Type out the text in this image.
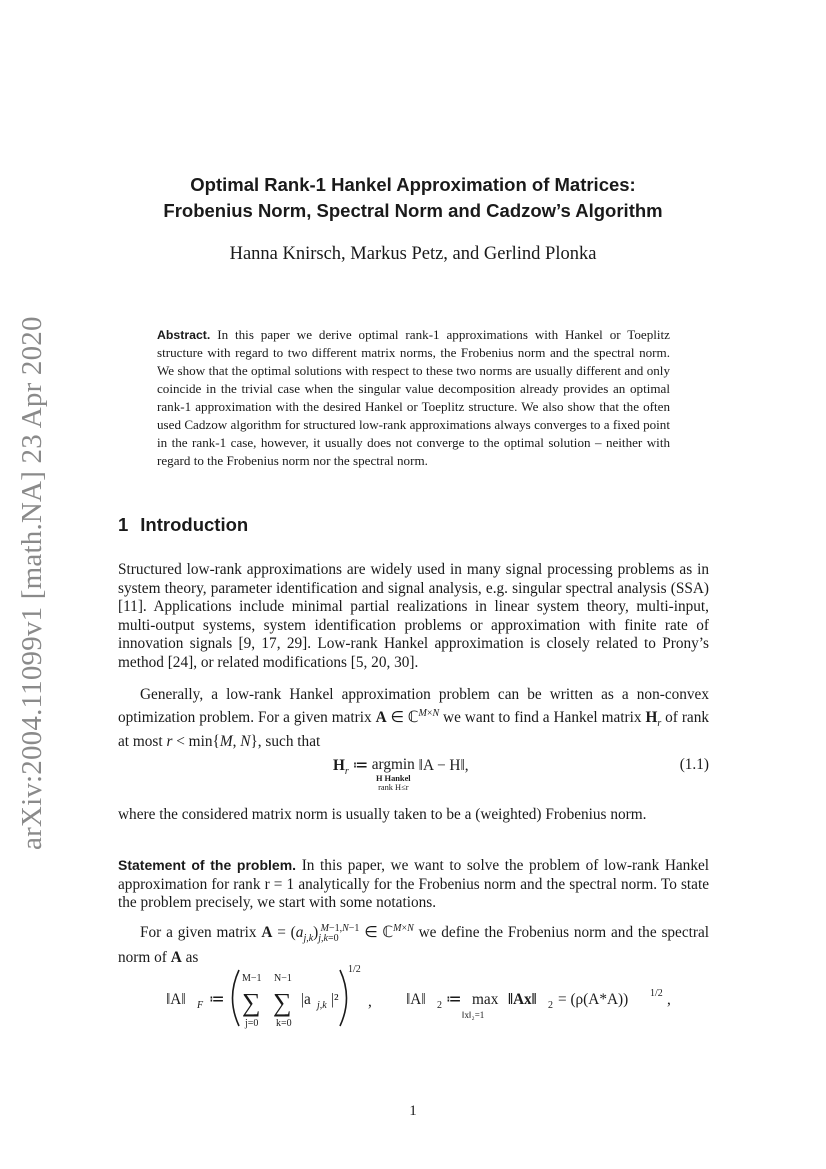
arXiv:2004.11099v1 [math.NA] 23 Apr 2020
Optimal Rank-1 Hankel Approximation of Matrices:
Frobenius Norm, Spectral Norm and Cadzow’s Algorithm
Hanna Knirsch, Markus Petz, and Gerlind Plonka
Abstract. In this paper we derive optimal rank-1 approximations with Hankel or Toeplitz structure with regard to two different matrix norms, the Frobenius norm and the spectral norm. We show that the optimal solutions with respect to these two norms are usually different and only coincide in the trivial case when the singular value decomposition already provides an optimal rank-1 approximation with the desired Hankel or Toeplitz structure. We also show that the often used Cadzow algorithm for structured low-rank approximations always converges to a fixed point in the rank-1 case, however, it usually does not converge to the optimal solution – neither with regard to the Frobenius norm nor the spectral norm.
1 Introduction
Structured low-rank approximations are widely used in many signal processing problems as in system theory, parameter identification and signal analysis, e.g. singular spectral analysis (SSA) [11]. Applications include minimal partial realizations in linear system theory, multi-input, multi-output systems, system identification problems or approximation with finite rate of innovation signals [9, 17, 29]. Low-rank Hankel approximation is closely related to Prony’s method [24], or related modifications [5, 20, 30].
Generally, a low-rank Hankel approximation problem can be written as a non-convex optimization problem. For a given matrix A ∈ ℂ$^{M\times N}$ we want to find a Hankel matrix $H_r$ of rank at most r < min{M, N}, such that
$H_r$ ≔ argmin
H Hankel
rank H≤r
‖A − H‖,	(1.1)
where the considered matrix norm is usually taken to be a (weighted) Frobenius norm.
Statement of the problem. In this paper, we want to solve the problem of low-rank Hankel approximation for rank r = 1 analytically for the Frobenius norm and the spectral norm. To state the problem precisely, we start with some notations.
For a given matrix $A = (a_{j,k})_{j,k=0}^{M-1,N-1}$ ∈ ℂ$^{M\times N}$ we define the Frobenius norm and the spectral norm of A as
‖A‖ F ≔
M−1
∑
j=0
N−1
∑
k=0
|a j,k |²
1/2
, ‖A‖ 2 ≔ max
‖x‖₂=1
‖Ax‖ 2 = (ρ(A*A)) 1/2 ,
1
